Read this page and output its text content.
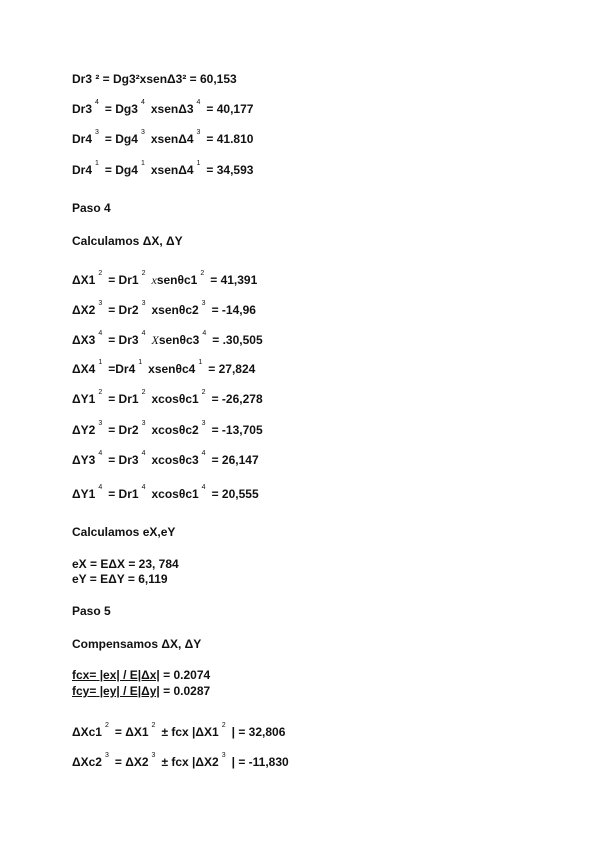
Dr3 ² = Dg3²xsenΔ3² = 60,153
Dr3 $^4$ = Dg3 $^4$ xsenΔ3 $^4$ = 40,177
Dr4 $^3$ = Dg4 $^3$ xsenΔ4 $^3$ = 41.810
Dr4 $^1$ = Dg4 $^1$ xsenΔ4 $^1$ = 34,593
Paso 4
Calculamos ΔX, ΔY
ΔX1 $^2$ = Dr1 $^2$ xsenθc1 $^2$ = 41,391
ΔX2 $^3$ = Dr2 $^3$ xsenθc2 $^3$ = -14,96
ΔX3 $^4$ = Dr3 $^4$ Xsenθc3 $^4$ = .30,505
ΔX4 $^1$ =Dr4 $^1$ xsenθc4 $^1$ = 27,824
ΔY1 $^2$ = Dr1 $^2$ xcosθc1 $^2$ = -26,278
ΔY2 $^3$ = Dr2 $^3$ xcosθc2 $^3$ = -13,705
ΔY3 $^4$ = Dr3 $^4$ xcosθc3 $^4$ = 26,147
ΔY1 $^4$ = Dr1 $^4$ xcosθc1 $^4$ = 20,555
Calculamos eX,eY
eX = EΔX = 23, 784
eY = EΔY = 6,119
Paso 5
Compensamos ΔX, ΔY
fcx= |ex| / E|Δx| = 0.2074
fcy= |ey| / E|Δy| = 0.0287
ΔXc1 $^2$ = ΔX1 $^2$ ± fcx |ΔX1 $^2$ | = 32,806
ΔXc2 $^3$ = ΔX2 $^3$ ± fcx |ΔX2 $^3$ | = -11,830
